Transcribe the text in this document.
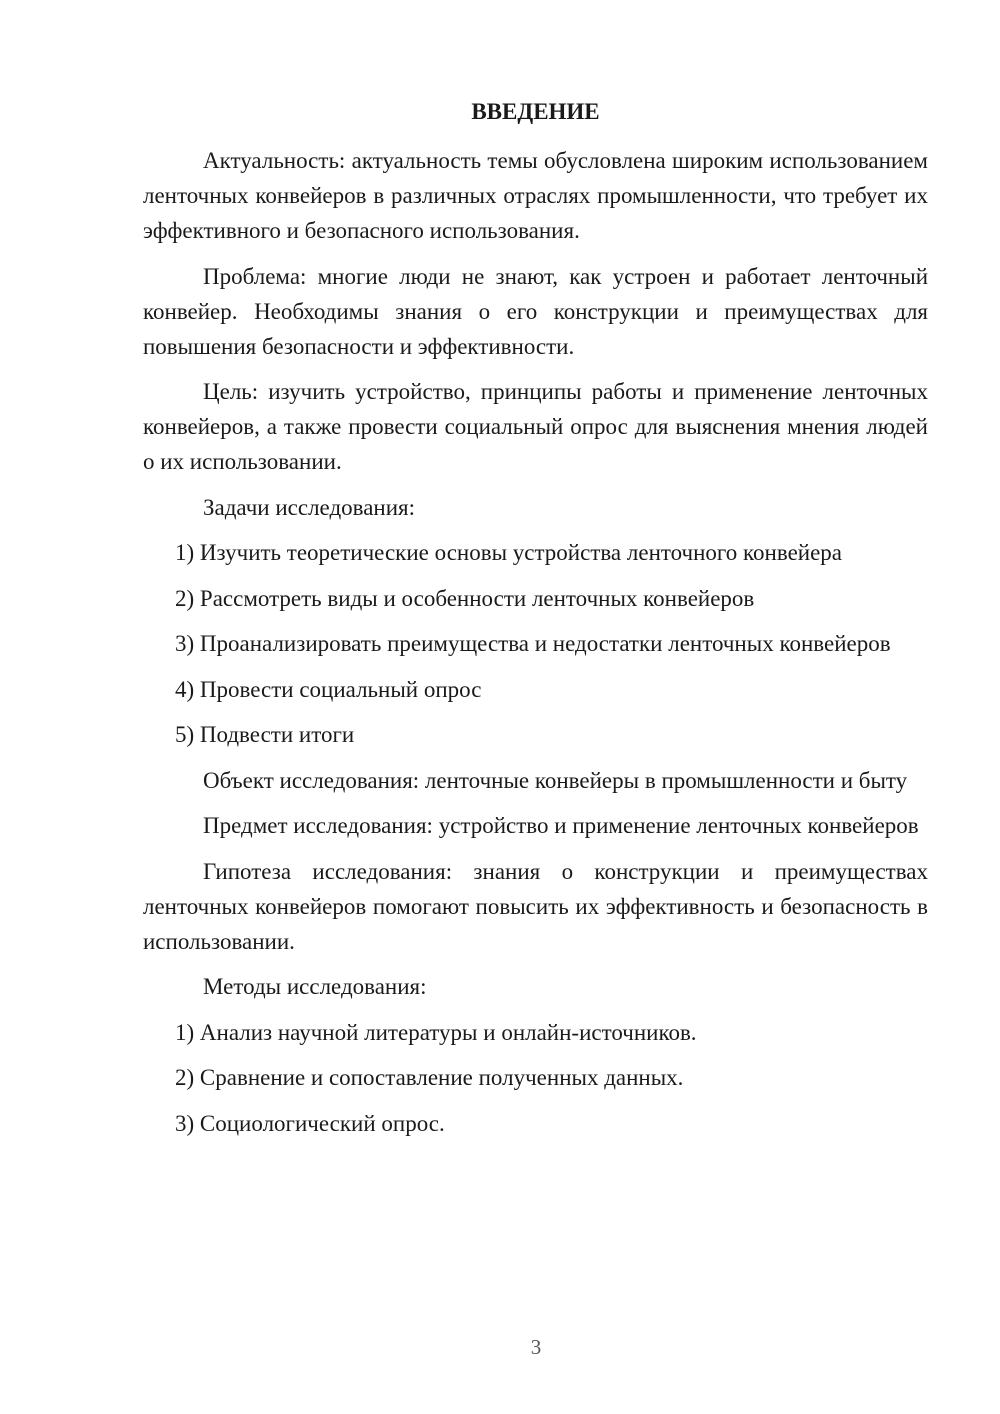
ВВЕДЕНИЕ

Актуальность: актуальность темы обусловлена широким использованием ленточных конвейеров в различных отраслях промышленности, что требует их эффективного и безопасного использования.

Проблема: многие люди не знают, как устроен и работает ленточный конвейер. Необходимы знания о его конструкции и преимуществах для повышения безопасности и эффективности.

Цель: изучить устройство, принципы работы и применение ленточных конвейеров, а также провести социальный опрос для выяснения мнения людей о их использовании.

Задачи исследования:

1) Изучить теоретические основы устройства ленточного конвейера

2) Рассмотреть виды и особенности ленточных конвейеров

3) Проанализировать преимущества и недостатки ленточных конвейеров

4) Провести социальный опрос

5) Подвести итоги

Объект исследования: ленточные конвейеры в промышленности и быту

Предмет исследования: устройство и применение ленточных конвейеров

Гипотеза исследования: знания о конструкции и преимуществах ленточных конвейеров помогают повысить их эффективность и безопасность в использовании.

Методы исследования:

1) Анализ научной литературы и онлайн-источников.

2) Сравнение и сопоставление полученных данных.

3) Социологический опрос.

3
